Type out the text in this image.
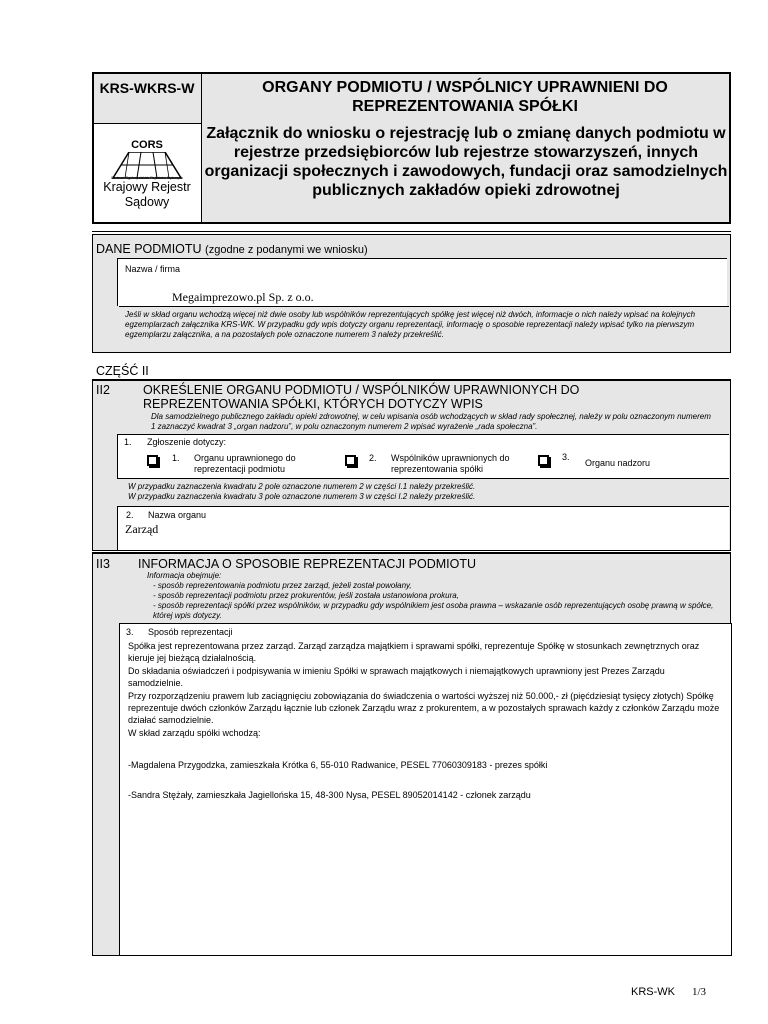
KRS-WKRS-W
CORS
Centrum Ogólnopolskich Rejestrów Sądowych
Krajowy Rejestr Sądowy
ORGANY PODMIOTU / WSPÓLNICY UPRAWNIENI DO REPREZENTOWANIA SPÓŁKI
Załącznik do wniosku o rejestrację lub o zmianę danych podmiotu w rejestrze przedsiębiorców lub rejestrze stowarzyszeń, innych organizacji społecznych i zawodowych, fundacji oraz samodzielnych publicznych zakładów opieki zdrowotnej
DANE PODMIOTU (zgodne z podanymi we wniosku)
Nazwa / firma
Megaimprezowo.pl Sp. z o.o.
Jeśli w skład organu wchodzą więcej niż dwie osoby lub wspólników reprezentujących spółkę jest więcej niż dwóch, informacje o nich należy wpisać na kolejnych egzemplarzach załącznika KRS-WK. W przypadku gdy wpis dotyczy organu reprezentacji, informację o sposobie reprezentacji należy wpisać tylko na pierwszym egzemplarzu załącznika, a na pozostałych pole oznaczone numerem 3 należy przekreślić.
CZĘŚĆ II
II2	OKREŚLENIE ORGANU PODMIOTU / WSPÓLNIKÓW UPRAWNIONYCH DO REPREZENTOWANIA SPÓŁKI, KTÓRYCH DOTYCZY WPIS
Dla samodzielnego publicznego zakładu opieki zdrowotnej, w celu wpisania osób wchodzących w skład rady społecznej, należy w polu oznaczonym numerem 1 zaznaczyć kwadrat 3 „organ nadzoru”, w polu oznaczonym numerem 2 wpisać wyrażenie „rada społeczna”.
1. Zgłoszenie dotyczy:
1. Organu uprawnionego do reprezentacji podmiotu
2. Wspólników uprawnionych do reprezentowania spółki
3.
Organu nadzoru
W przypadku zaznaczenia kwadratu 2 pole oznaczone numerem 2 w części I.1 należy przekreślić.
W przypadku zaznaczenia kwadratu 3 pole oznaczone numerem 3 w części I.2 należy przekreślić.
2. Nazwa organu
Zarząd
II3 INFORMACJA O SPOSOBIE REPREZENTACJI PODMIOTU
Informacja obejmuje:
- sposób reprezentowania podmiotu przez zarząd, jeżeli został powołany,
- sposób reprezentacji podmiotu przez prokurentów, jeśli została ustanowiona prokura,
- sposób reprezentacji spółki przez wspólników, w przypadku gdy wspólnikiem jest osoba prawna – wskazanie osób reprezentujących osobę prawną w spółce, której wpis dotyczy.
3. Sposób reprezentacji
Spółka jest reprezentowana przez zarząd. Zarząd zarządza majątkiem i sprawami spółki, reprezentuje Spółkę w stosunkach zewnętrznych oraz kieruje jej bieżącą działalnością.
Do składania oświadczeń i podpisywania w imieniu Spółki w sprawach majątkowych i niemajątkowych uprawniony jest Prezes Zarządu samodzielnie.
Przy rozporządzeniu prawem lub zaciągnięciu zobowiązania do świadczenia o wartości wyższej niż 50.000,- zł (pięćdziesiąt tysięcy złotych) Spółkę reprezentuje dwóch członków Zarządu łącznie lub członek Zarządu wraz z prokurentem, a w pozostałych sprawach każdy z członków Zarządu może działać samodzielnie.
W skład zarządu spółki wchodzą:
-Magdalena Przygodzka, zamieszkała Krótka 6, 55-010 Radwanice, PESEL 77060309183 - prezes spółki
-Sandra Stężały, zamieszkała Jagiellońska 15, 48-300 Nysa, PESEL 89052014142 - członek zarządu
KRS-WK 1/3
